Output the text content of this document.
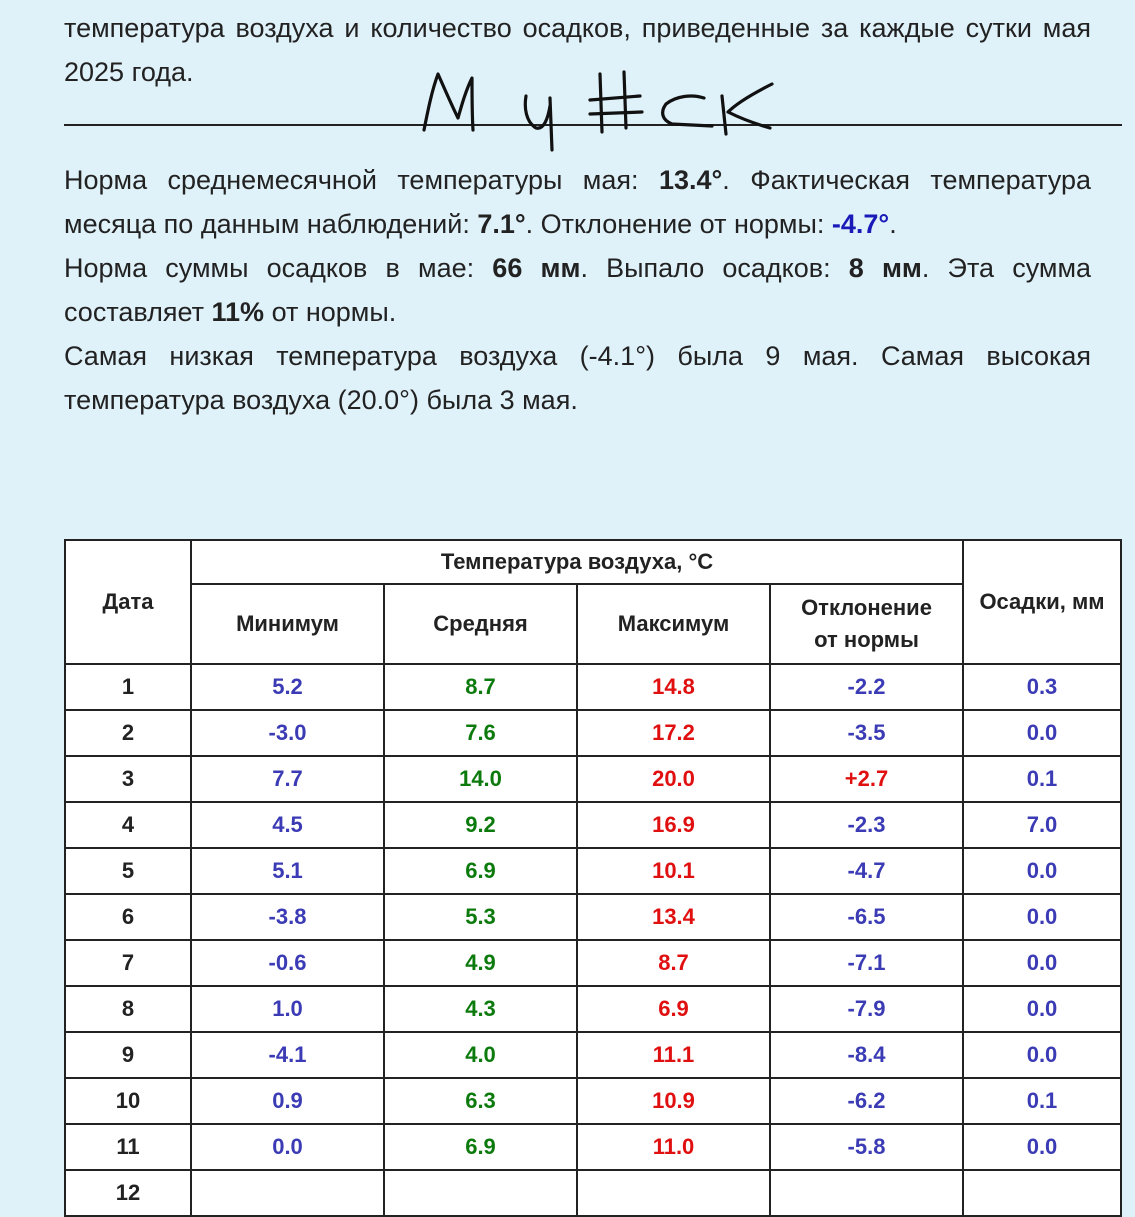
температура воздуха и количество осадков, приведенные за каждые сутки мая 2025 года.

Норма среднемесячной температуры мая: 13.4°. Фактическая температура месяца по данным наблюдений: 7.1°. Отклонение от нормы: -4.7°.

Норма суммы осадков в мае: 66 мм. Выпало осадков: 8 мм. Эта сумма составляет 11% от нормы.

Самая низкая температура воздуха (-4.1°) была 9 мая. Самая высокая температура воздуха (20.0°) была 3 мая.

Дата	Температура воздуха, °C				Осадки, мм
	Минимум	Средняя	Максимум	Отклонение
от нормы	
1	5.2	8.7	14.8	-2.2	0.3
2	-3.0	7.6	17.2	-3.5	0.0
3	7.7	14.0	20.0	+2.7	0.1
4	4.5	9.2	16.9	-2.3	7.0
5	5.1	6.9	10.1	-4.7	0.0
6	-3.8	5.3	13.4	-6.5	0.0
7	-0.6	4.9	8.7	-7.1	0.0
8	1.0	4.3	6.9	-7.9	0.0
9	-4.1	4.0	11.1	-8.4	0.0
10	0.9	6.3	10.9	-6.2	0.1
11	0.0	6.9	11.0	-5.8	0.0
12					
